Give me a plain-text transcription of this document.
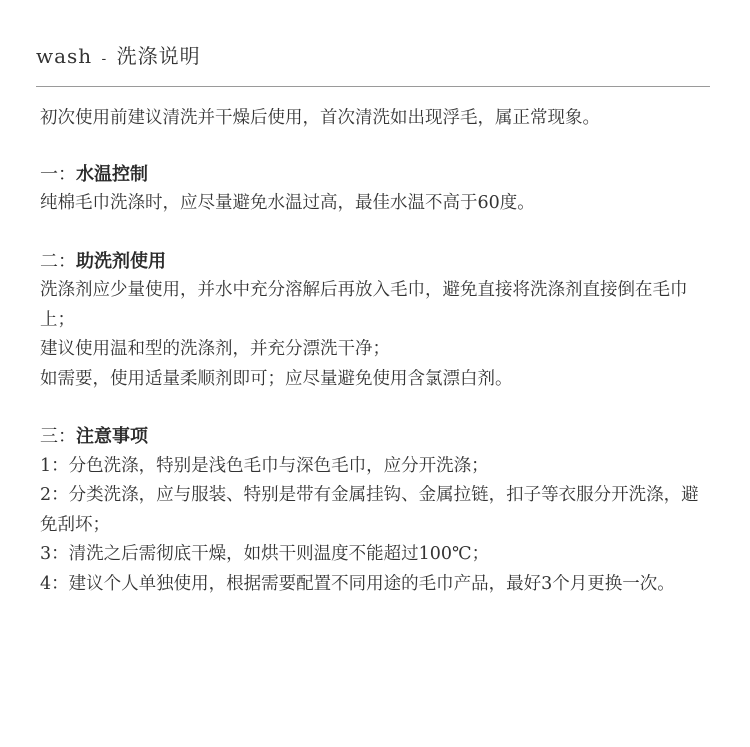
wash - 洗涤说明

初次使用前建议清洗并干燥后使用，首次清洗如出现浮毛，属正常现象。

一：水温控制

纯棉毛巾洗涤时，应尽量避免水温过高，最佳水温不高于60度。

二：助洗剂使用

洗涤剂应少量使用，并水中充分溶解后再放入毛巾，避免直接将洗涤剂直接倒在毛巾上；

建议使用温和型的洗涤剂，并充分漂洗干净；

如需要，使用适量柔顺剂即可；应尽量避免使用含氯漂白剂。

三：注意事项

1：分色洗涤，特别是浅色毛巾与深色毛巾，应分开洗涤；

2：分类洗涤，应与服装、特别是带有金属挂钩、金属拉链，扣子等衣服分开洗涤，避免刮坏；

3：清洗之后需彻底干燥，如烘干则温度不能超过100℃；

4：建议个人单独使用，根据需要配置不同用途的毛巾产品，最好3个月更换一次。
